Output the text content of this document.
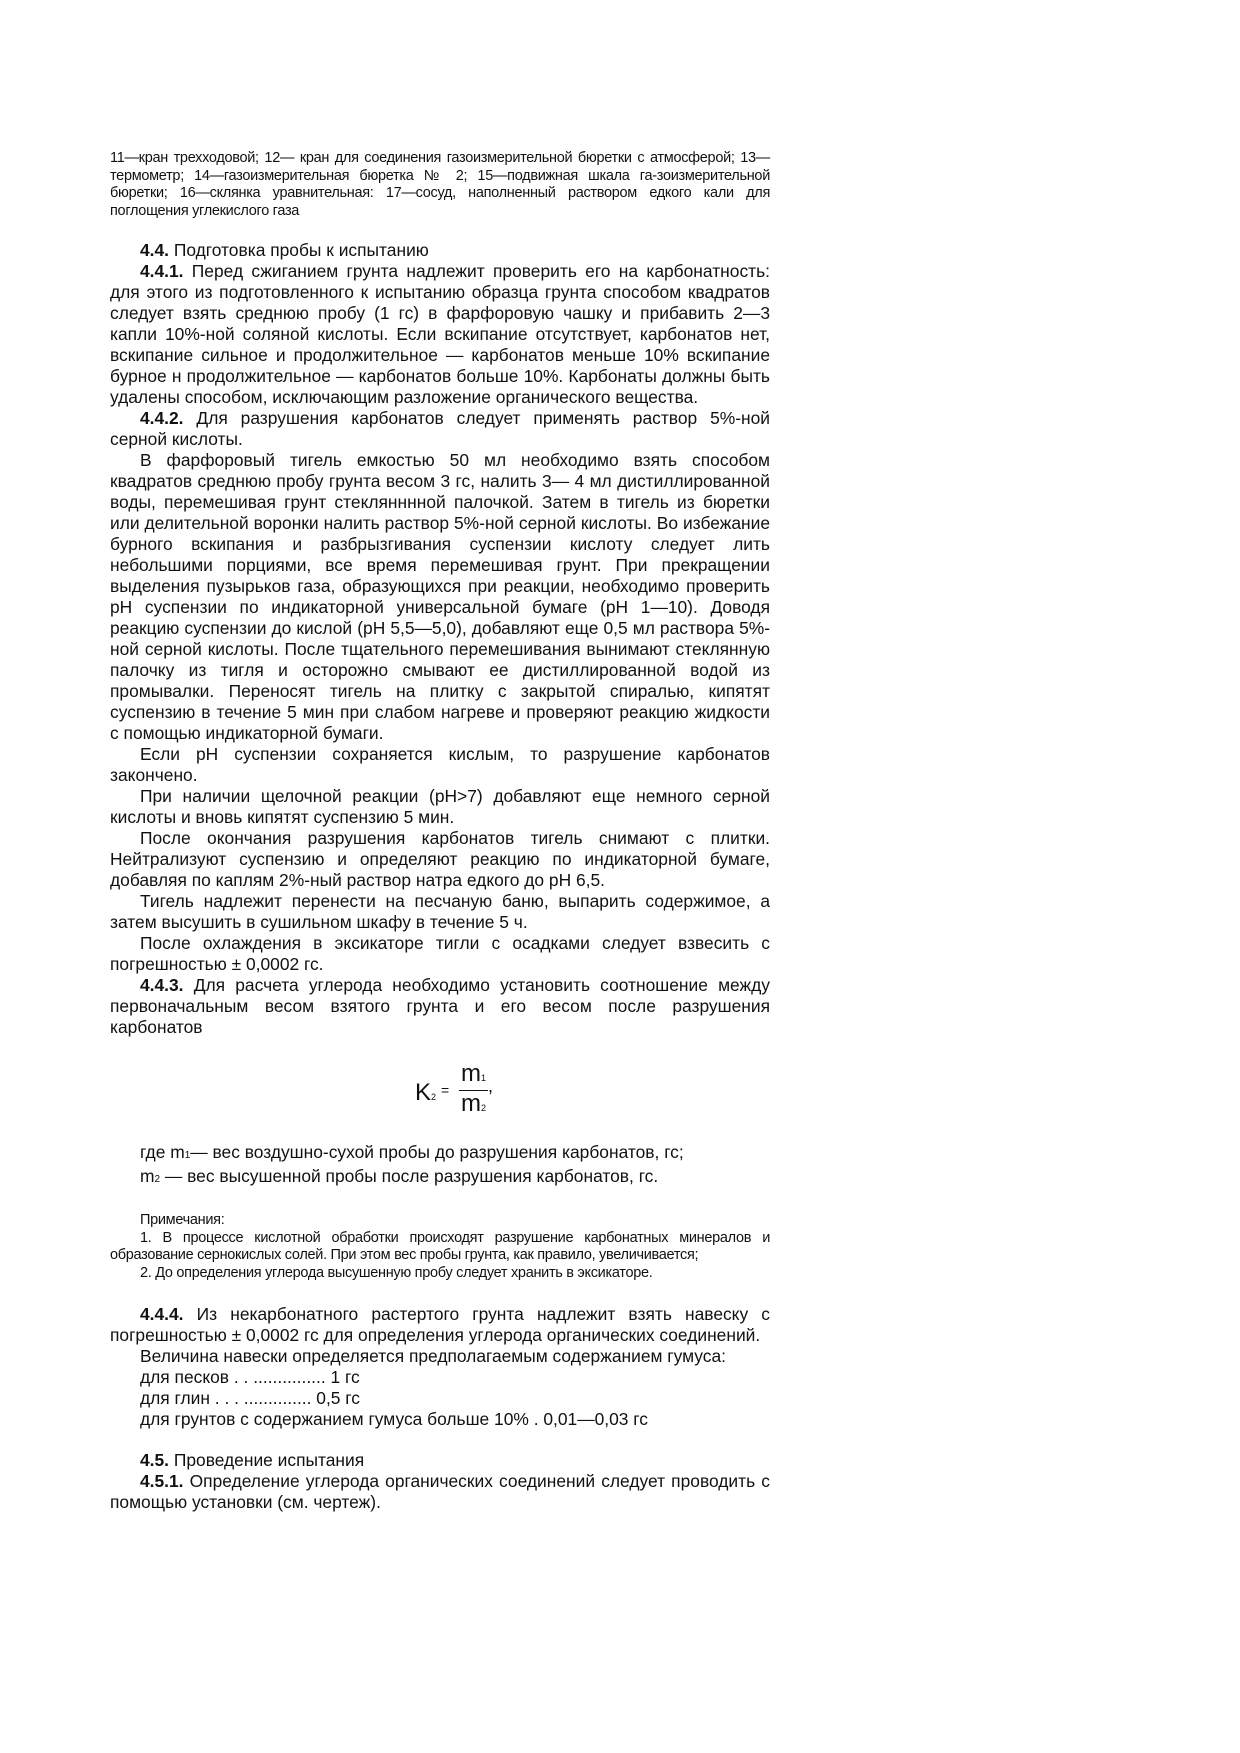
11—кран трехходовой; 12— кран для соединения газоизмерительной бюретки с атмосферой; 13—термометр; 14—газоизмерительная бюретка № 2; 15—подвижная шкала га-зоизмерительной бюретки; 16—склянка уравнительная: 17—сосуд, наполненный раствором едкого кали для поглощения углекислого газа

4.4. Подготовка пробы к испытанию

4.4.1. Перед сжиганием грунта надлежит проверить его на карбонатность: для этого из подготовленного к испытанию образца грунта способом квадратов следует взять среднюю пробу (1 гс) в фарфоровую чашку и прибавить 2—3 капли 10%-ной соляной кислоты. Если вскипание отсутствует, карбонатов нет, вскипание сильное и продолжительное — карбонатов меньше 10% вскипание бурное н продолжительное — карбонатов больше 10%. Карбонаты должны быть удалены способом, исключающим разложение органического вещества.

4.4.2. Для разрушения карбонатов следует применять раствор 5%-ной серной кислоты.

В фарфоровый тигель емкостью 50 мл необходимо взять способом квадратов среднюю пробу грунта весом 3 гс, налить 3— 4 мл дистиллированной воды, перемешивая грунт стеклянннной палочкой. Затем в тигель из бюретки или делительной воронки налить раствор 5%-ной серной кислоты. Во избежание бурного вскипания и разбрызгивания суспензии кислоту следует лить небольшими порциями, все время перемешивая грунт. При прекращении выделения пузырьков газа, образующихся при реакции, необходимо проверить pH суспензии по индикаторной универсальной бумаге (pH 1—10). Доводя реакцию суспензии до кислой (pH 5,5—5,0), добавляют еще 0,5 мл раствора 5%-ной серной кислоты. После тщательного перемешивания вынимают стеклянную палочку из тигля и осторожно смывают ее дистиллированной водой из промывалки. Переносят тигель на плитку с закрытой спиралью, кипятят суспензию в течение 5 мин при слабом нагреве и проверяют реакцию жидкости с помощью индикаторной бумаги.

Если pH суспензии сохраняется кислым, то разрушение карбонатов закончено.

При наличии щелочной реакции (pH>7) добавляют еще немного серной кислоты и вновь кипятят суспензию 5 мин.

После окончания разрушения карбонатов тигель снимают с плитки. Нейтрализуют суспензию и определяют реакцию по индикаторной бумаге, добавляя по каплям 2%-ный раствор натра едкого до pH 6,5.

Тигель надлежит перенести на песчаную баню, выпарить содержимое, а затем высушить в сушильном шкафу в течение 5 ч.

После охлаждения в эксикаторе тигли с осадками следует взвесить с погрешностью ± 0,0002 гс.

4.4.3. Для расчета углерода необходимо установить соотношение между первоначальным весом взятого грунта и его весом после разрушения карбонатов

K2 =
m1
m2
,

где m1— вес воздушно-сухой пробы до разрушения карбонатов, гс;

m2 — вес высушенной пробы после разрушения карбонатов, гс.

Примечания:

1. В процессе кислотной обработки происходят разрушение карбонатных минералов и образование сернокислых солей. При этом вес пробы грунта, как правило, увеличивается;

2. До определения углерода высушенную пробу следует хранить в эксикаторе.

4.4.4. Из некарбонатного растертого грунта надлежит взять навеску с погрешностью ± 0,0002 гс для определения углерода органических соединений.

Величина навески определяется предполагаемым содержанием гумуса:

для песков . . ............... 1 гс

для глин . . . .............. 0,5 гс

для грунтов с содержанием гумуса больше 10% . 0,01—0,03 гс

4.5. Проведение испытания

4.5.1. Определение углерода органических соединений следует проводить с помощью установки (см. чертеж).
